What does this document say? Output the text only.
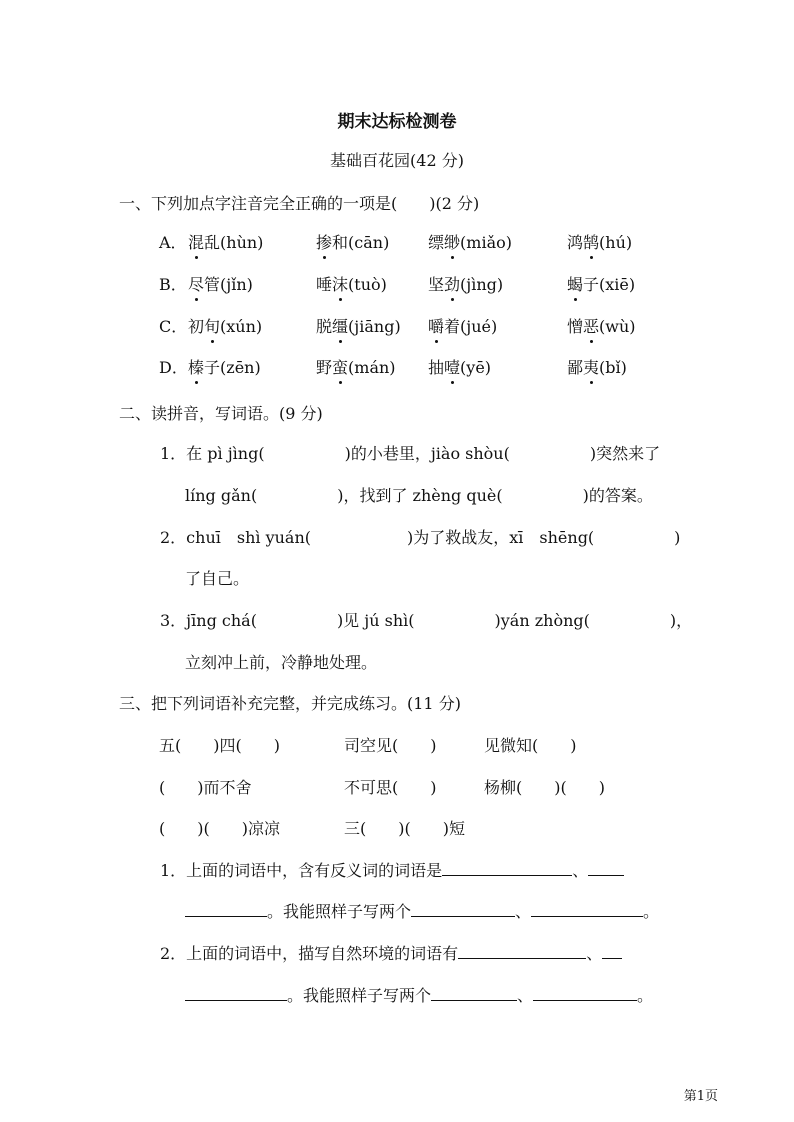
期末达标检测卷
基础百花园(42 分)
一、下列加点字注音完全正确的一项是(　　)(2 分)
A． 混乱(hùn)	掺和(cān) 缥缈(miǎo)	鸿鹄(hú)
B． 尽管(jǐn)	唾沫(tuò)	坚劲(jìng)	蝎子(xiē)
C． 初旬(xún)	脱缰(jiāng) 嚼着(jué)	憎恶(wù)
D． 榛子(zēn)	野蛮(mán) 抽噎(yē)	鄙夷(bǐ)
二、读拼音，写词语。(9 分)
1．在 pì jìng(　　　　　)的小巷里，jiào shòu(　　　　　)突然来了
líng gǎn(　　　　　)，找到了 zhèng què(　　　　　)的答案。
2．chuī　shì yuán(　　　　　　)为了救战友，xī　shēng(　　　　　)
了自己。
3．jīng chá(　　　　　)见 jú shì(　　　　　)yán zhòng(　　　　　)，
立刻冲上前，冷静地处理。
三、把下列词语补充完整，并完成练习。(11 分)
五(　　)四(　　)	司空见(　　)	见微知(　　)
(　　)而不舍	不可思(　　)	杨柳(　　)(　　)
(　　)(　　)凉凉	三(　　)(　　)短
1．上面的词语中，含有反义词的词语是	、
。我能照样子写两个	、	。
2．上面的词语中，描写自然环境的词语有	、
。我能照样子写两个	、	。
第1页
